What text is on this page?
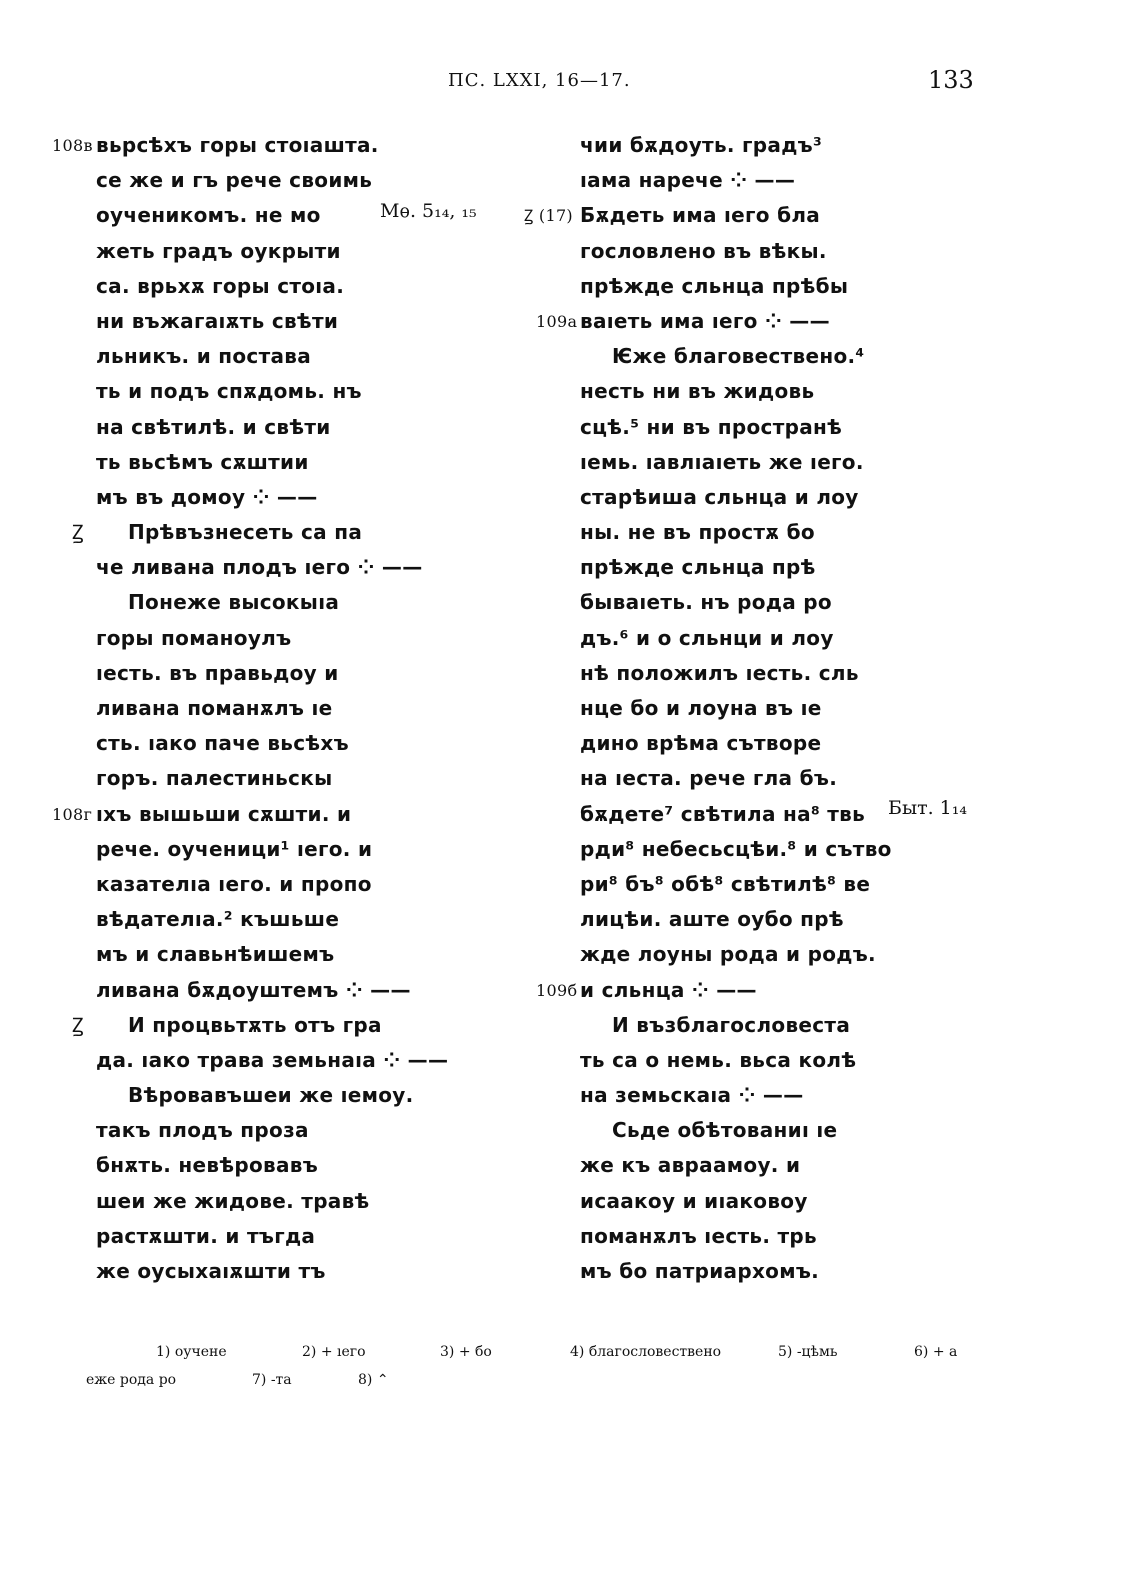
ПС. LXXI, 16—17.	133
108в вьрсѣхъ горы стоıаштa.
се же и гъ рече своимь
оученикомъ. не мо
жеть градъ оукрыти
са. врьхѫ горы стоıа.
ни въжагаıѫть свѣти
льникъ. и постава
ть и подъ спѫдомь. нъ
на свѣтилѣ. и свѣти
ть вьсѣмъ сѫштии
мъ въ домоу ⁘ ——
Ꙁ Прѣвъзнесеть са па
че ливана плодъ ıего ⁘ ——
Понеже высокыıа
горы поманоулъ
ıесть. въ правьдоу и
ливана поманѫлъ ıе
сть. ıако паче вьсѣхъ
горъ. палестиньскы
108г ıхъ вышьши сѫшти. и
рече. оученици¹ ıего. и
казателıа ıего. и пропо
вѣдателıа.² къшьше
мъ и славьнѣишемъ
ливана бѫдоуштемъ ⁘ ——
Ꙁ И процвьтѫть отъ гра
да. ıако трава земьнаıа ⁘ ——
Вѣровавъшеи же ıемоу.
такъ плодъ проза
бнѫть. невѣровавъ
шеи же жидове. травѣ
растѫшти. и тъгда
же оусыхаıѫшти тъ
чии бѫдоуть. градъ³
ıама нарече ⁘ ——
Ꙁ (17) Бѫдеть има ıего бла
гословлено въ вѣкы.
прѣжде сльнца прѣбы
109а ваıеть има ıего ⁘ ——
Ѥже благовествено.⁴
несть ни въ жидовь
сцѣ.⁵ ни въ пространѣ
ıемь. ıавлıаıеть же ıего.
старѣиша сльнца и лоу
ны. не въ простѫ бо
прѣжде сльнца прѣ
бываıеть. нъ рода ро
дъ.⁶ и о сльнци и лоу
нѣ положилъ ıесть. сль
нце бо и лоуна въ ıе
дино врѣма сътворе
на ıеста. рече гла бъ.
бѫдете⁷ свѣтила на⁸ твь
рди⁸ небесьсцѣи.⁸ и сътво
ри⁸ бъ⁸ обѣ⁸ свѣтилѣ⁸ ве
лицѣи. аште оубо прѣ
жде лоуны рода и родъ.
109б и сльнца ⁘ ——
И възблагословеста
ть са о немь. вьса колѣ
на земьскаıа ⁘ ——
Сьде обѣтованиı ıе
же къ авраамоу. и
исаакоу и иıаковоу
поманѫлъ ıесть. трь
мъ бо патриархомъ.
Мѳ. 5₁₄, ₁₅
Быт. 1₁₄
1) оучене	2) + ıего	3) + бо	4) благословествено	5) -цѣмь	6) + а
еже рода ро	7) -та	8) ⌃
